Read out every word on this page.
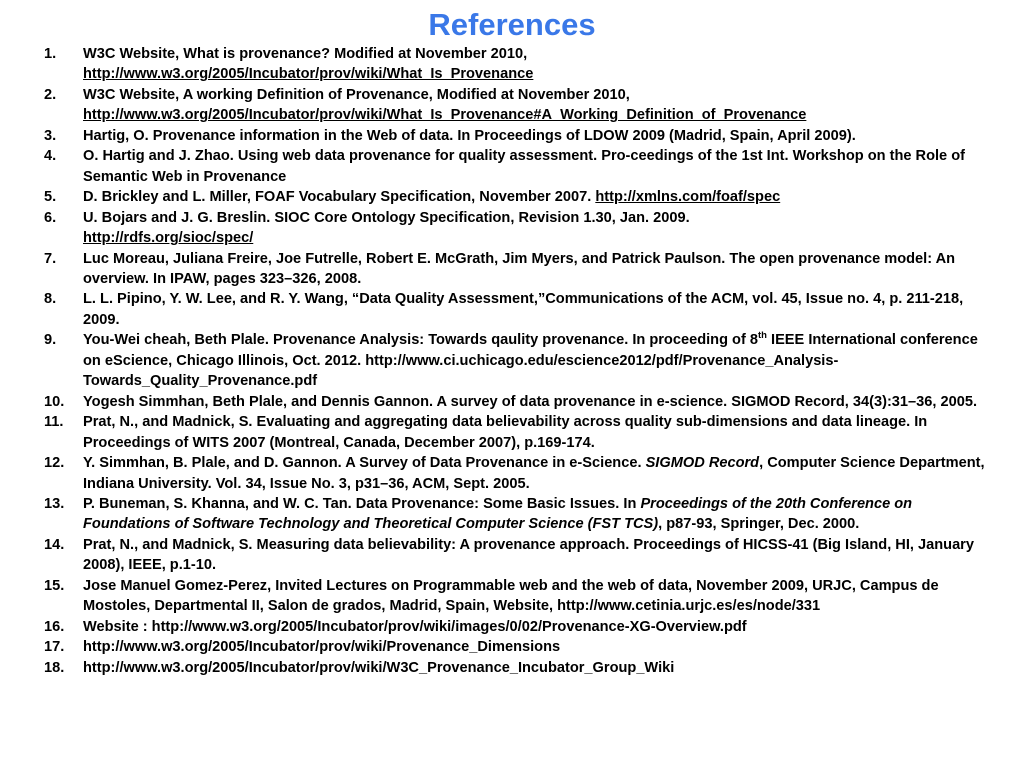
References
1. W3C Website, What is provenance? Modified at November 2010,
http://www.w3.org/2005/Incubator/prov/wiki/What_Is_Provenance
2. W3C Website, A working Definition of Provenance, Modified at November 2010,
http://www.w3.org/2005/Incubator/prov/wiki/What_Is_Provenance#A_Working_Definition_of_Provenance
3. Hartig, O. Provenance information in the Web of data. In Proceedings of LDOW 2009 (Madrid, Spain, April 2009).
4. O. Hartig and J. Zhao. Using web data provenance for quality assessment. Pro-ceedings of the 1st Int. Workshop on the Role of Semantic Web in Provenance
5. D. Brickley and L. Miller, FOAF Vocabulary Specification, November 2007. http://xmlns.com/foaf/spec
6. U. Bojars and J. G. Breslin. SIOC Core Ontology Specification, Revision 1.30, Jan. 2009.
http://rdfs.org/sioc/spec/
7. Luc Moreau, Juliana Freire, Joe Futrelle, Robert E. McGrath, Jim Myers, and Patrick Paulson. The open provenance model: An overview. In IPAW, pages 323–326, 2008.
8. L. L. Pipino, Y. W. Lee, and R. Y. Wang, “Data Quality Assessment,”Communications of the ACM, vol. 45, Issue no. 4, p. 211-218, 2009.
9. You-Wei cheah, Beth Plale. Provenance Analysis: Towards qaulity provenance. In proceeding of 8th IEEE International conference on eScience, Chicago Illinois, Oct. 2012. http://www.ci.uchicago.edu/escience2012/pdf/Provenance_Analysis-Towards_Quality_Provenance.pdf
10. Yogesh Simmhan, Beth Plale, and Dennis Gannon. A survey of data provenance in e-science. SIGMOD Record, 34(3):31–36, 2005.
11. Prat, N., and Madnick, S. Evaluating and aggregating data believability across quality sub-dimensions and data lineage. In Proceedings of WITS 2007 (Montreal, Canada, December 2007), p.169-174.
12. Y. Simmhan, B. Plale, and D. Gannon. A Survey of Data Provenance in e-Science. SIGMOD Record, Computer Science Department, Indiana University. Vol. 34, Issue No. 3, p31–36, ACM, Sept. 2005.
13. P. Buneman, S. Khanna, and W. C. Tan. Data Provenance: Some Basic Issues. In Proceedings of the 20th Conference on Foundations of Software Technology and Theoretical Computer Science (FST TCS), p87-93, Springer, Dec. 2000.
14. Prat, N., and Madnick, S. Measuring data believability: A provenance approach. Proceedings of HICSS-41 (Big Island, HI, January 2008), IEEE, p.1-10.
15. Jose Manuel Gomez-Perez, Invited Lectures on Programmable web and the web of data, November 2009, URJC, Campus de Mostoles, Departmental II, Salon de grados, Madrid, Spain, Website, http://www.cetinia.urjc.es/es/node/331
16. Website : http://www.w3.org/2005/Incubator/prov/wiki/images/0/02/Provenance-XG-Overview.pdf
17. http://www.w3.org/2005/Incubator/prov/wiki/Provenance_Dimensions
18. http://www.w3.org/2005/Incubator/prov/wiki/W3C_Provenance_Incubator_Group_Wiki
